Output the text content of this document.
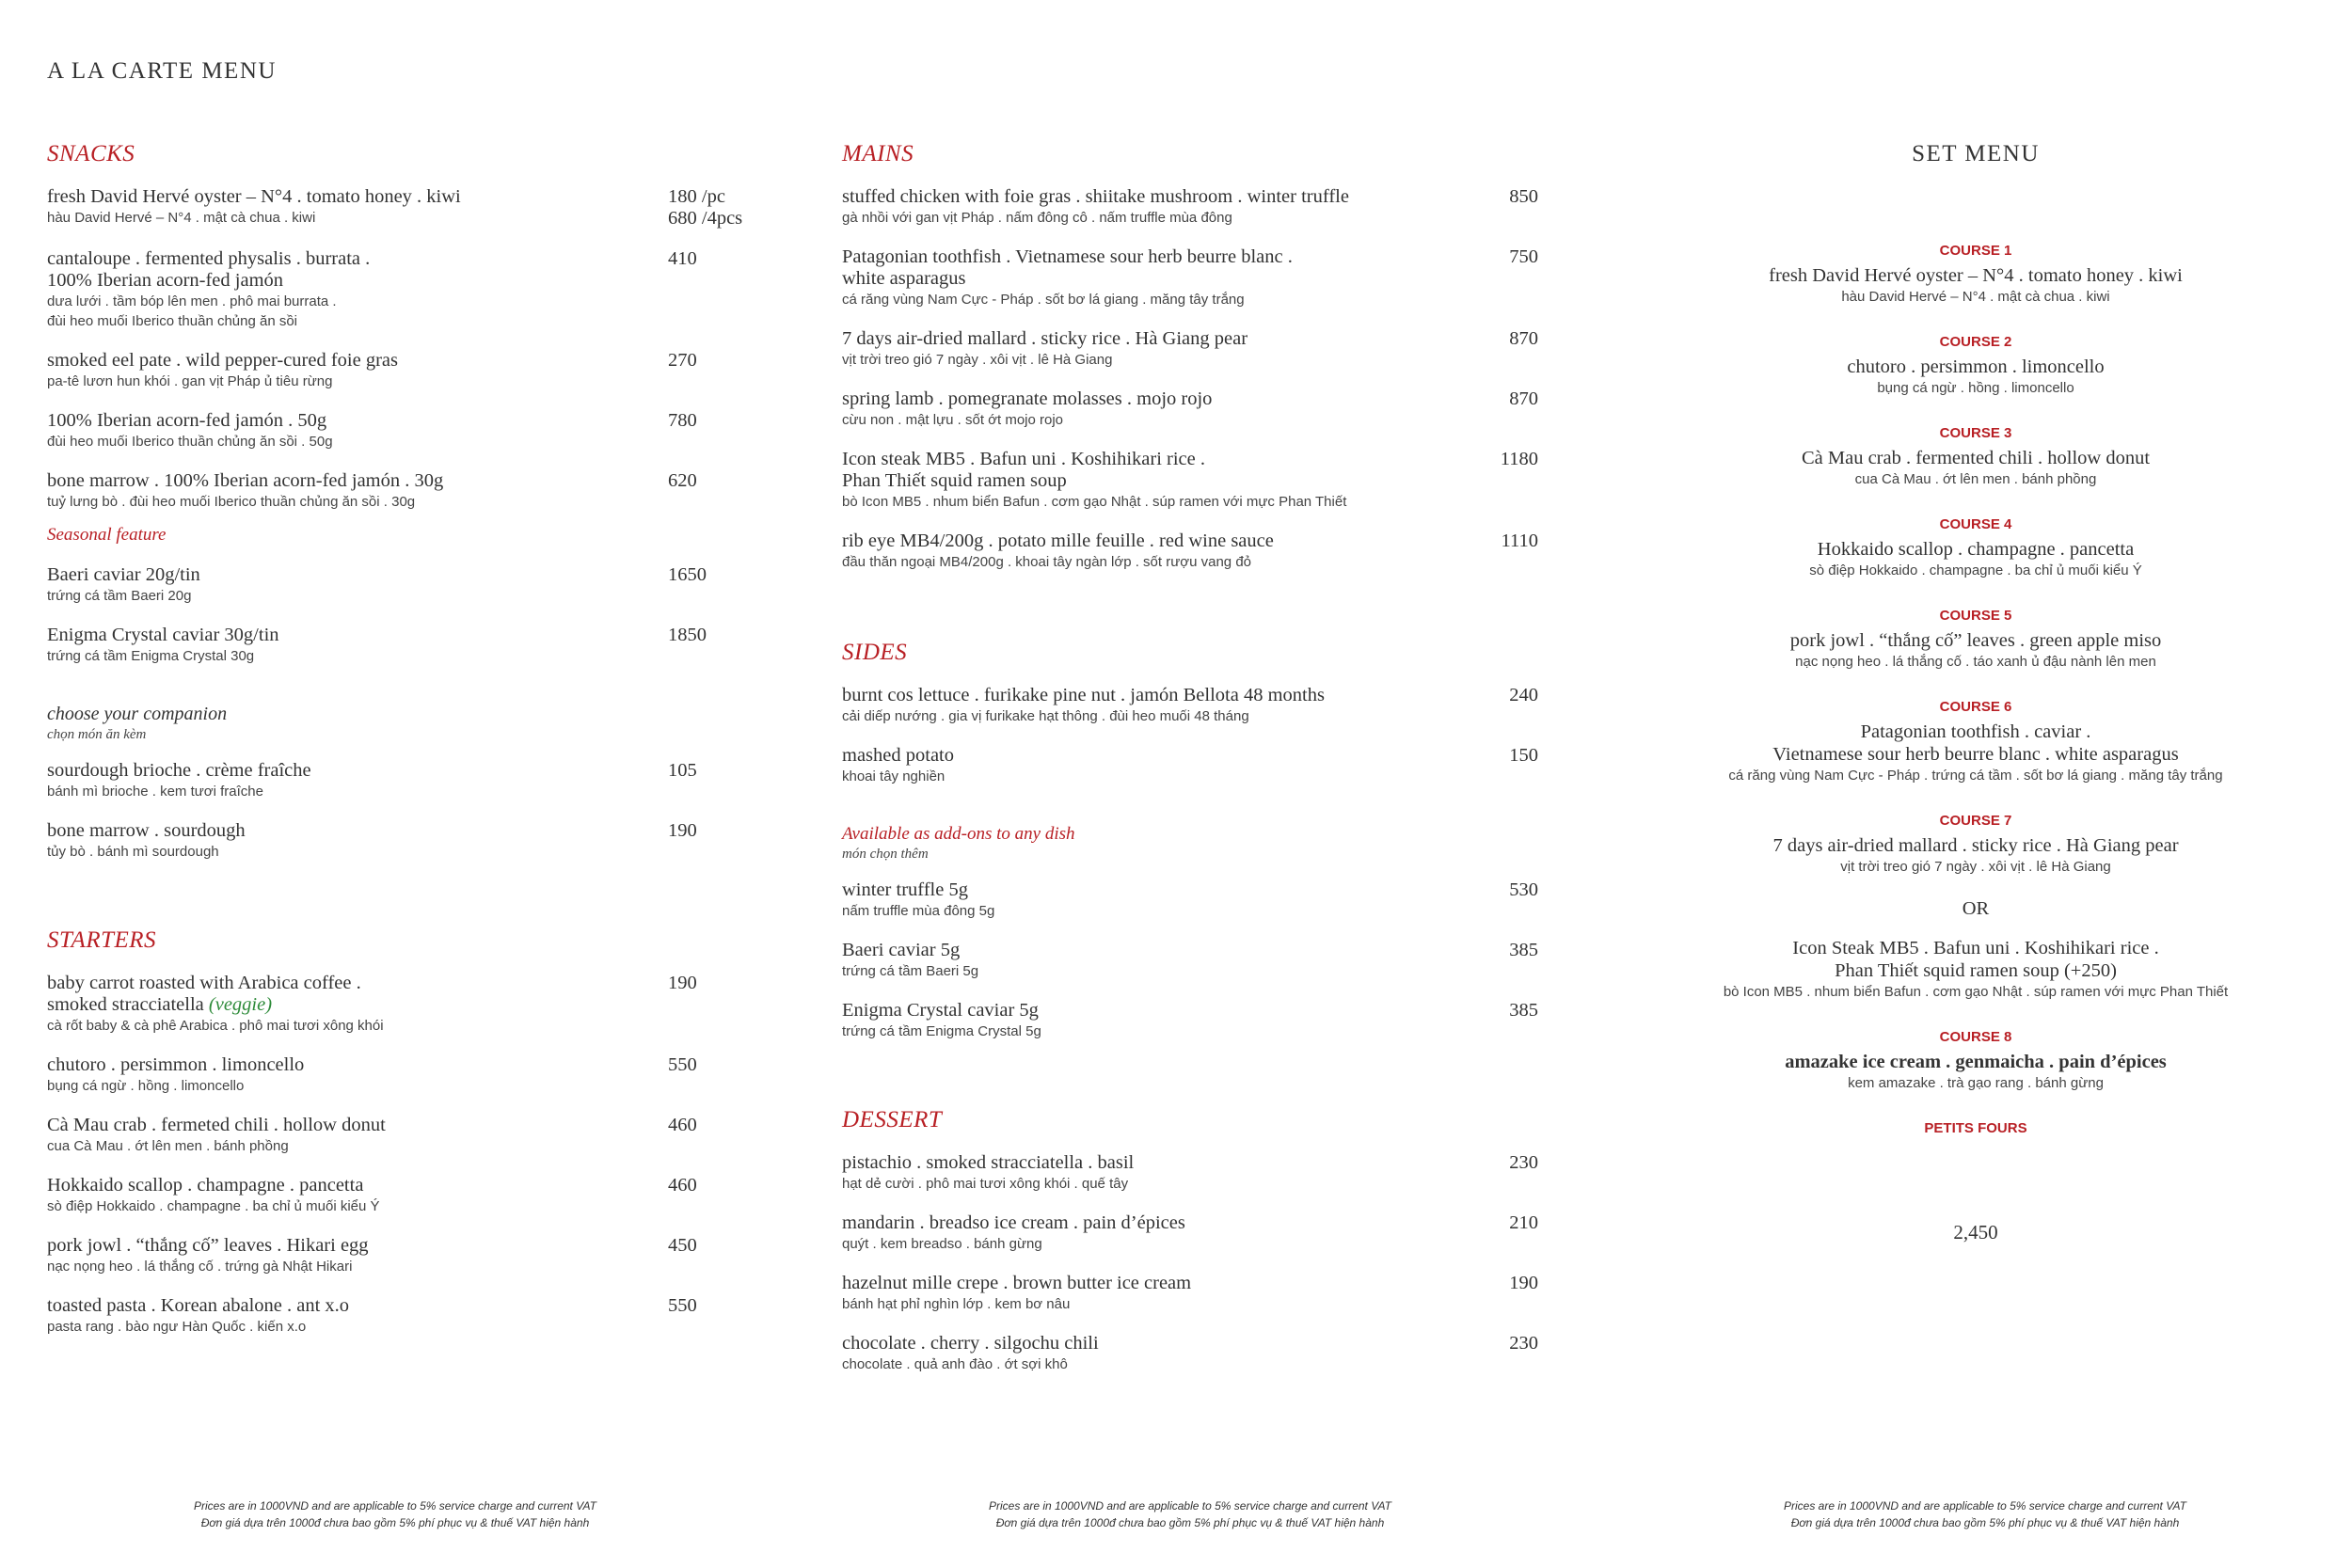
A LA CARTE MENU
SNACKS
fresh David Hervé oyster – N°4 . tomato honey . kiwi
hàu David Hervé – N°4 . mật cà chua . kiwi
180 /pc
680 /4pcs
cantaloupe . fermented physalis . burrata .
100% Iberian acorn-fed jamón
dưa lưới . tầm bóp lên men . phô mai burrata .
đùi heo muối Iberico thuần chủng ăn sồi
410
smoked eel pate . wild pepper-cured foie gras
pa-tê lươn hun khói . gan vịt Pháp ủ tiêu rừng
270
100% Iberian acorn-fed jamón . 50g
đùi heo muối Iberico thuần chủng ăn sồi . 50g
780
bone marrow . 100% Iberian acorn-fed jamón . 30g
tuỷ lưng bò . đùi heo muối Iberico thuần chủng ăn sồi . 30g
620
Seasonal feature
Baeri caviar 20g/tin
trứng cá tầm Baeri 20g
1650
Enigma Crystal caviar 30g/tin
trứng cá tầm Enigma Crystal 30g
1850
choose your companion
chọn món ăn kèm
sourdough brioche . crème fraîche
bánh mì brioche . kem tươi fraîche
105
bone marrow . sourdough
tủy bò . bánh mì sourdough
190
STARTERS
baby carrot roasted with Arabica coffee .
smoked stracciatella (veggie)
cà rốt baby & cà phê Arabica . phô mai tươi xông khói
190
chutoro . persimmon . limoncello
bụng cá ngừ . hồng . limoncello
550
Cà Mau crab . fermeted chili . hollow donut
cua Cà Mau . ớt lên men . bánh phồng
460
Hokkaido scallop . champagne . pancetta
sò điệp Hokkaido . champagne . ba chỉ ủ muối kiểu Ý
460
pork jowl . “thắng cố” leaves . Hikari egg
nạc nọng heo . lá thắng cố . trứng gà Nhật Hikari
450
toasted pasta . Korean abalone . ant x.o
pasta rang . bào ngư Hàn Quốc . kiến x.o
550
MAINS
stuffed chicken with foie gras . shiitake mushroom . winter truffle
gà nhồi với gan vịt Pháp . nấm đông cô . nấm truffle mùa đông
850
Patagonian toothfish . Vietnamese sour herb beurre blanc .
white asparagus
cá răng vùng Nam Cực - Pháp . sốt bơ lá giang . măng tây trắng
750
7 days air-dried mallard . sticky rice . Hà Giang pear
vịt trời treo gió 7 ngày . xôi vịt . lê Hà Giang
870
spring lamb . pomegranate molasses . mojo rojo
cừu non . mật lựu . sốt ớt mojo rojo
870
Icon steak MB5 . Bafun uni . Koshihikari rice .
Phan Thiết squid ramen soup
bò Icon MB5 . nhum biển Bafun . cơm gạo Nhật . súp ramen với mực Phan Thiết
1180
rib eye MB4/200g . potato mille feuille . red wine sauce
đầu thăn ngoại MB4/200g . khoai tây ngàn lớp . sốt rượu vang đỏ
1110
SIDES
burnt cos lettuce . furikake pine nut . jamón Bellota 48 months
cải diếp nướng . gia vị furikake hạt thông . đùi heo muối 48 tháng
240
mashed potato
khoai tây nghiền
150
Available as add-ons to any dish
món chọn thêm
winter truffle 5g
nấm truffle mùa đông 5g
530
Baeri caviar 5g
trứng cá tầm Baeri 5g
385
Enigma Crystal caviar 5g
trứng cá tầm Enigma Crystal 5g
385
DESSERT
pistachio . smoked stracciatella . basil
hạt dẻ cười . phô mai tươi xông khói . quế tây
230
mandarin . breadso ice cream . pain d’épices
quýt . kem breadso . bánh gừng
210
hazelnut mille crepe . brown butter ice cream
bánh hạt phỉ nghìn lớp . kem bơ nâu
190
chocolate . cherry . silgochu chili
chocolate . quả anh đào . ớt sợi khô
230
SET MENU
COURSE 1
fresh David Hervé oyster – N°4 . tomato honey . kiwi
hàu David Hervé – N°4 . mật cà chua . kiwi
COURSE 2
chutoro . persimmon . limoncello
bụng cá ngừ . hồng . limoncello
COURSE 3
Cà Mau crab . fermented chili . hollow donut
cua Cà Mau . ớt lên men . bánh phồng
COURSE 4
Hokkaido scallop . champagne . pancetta
sò điệp Hokkaido . champagne . ba chỉ ủ muối kiểu Ý
COURSE 5
pork jowl . “thắng cố” leaves . green apple miso
nạc nọng heo . lá thắng cố . táo xanh ủ đậu nành lên men
COURSE 6
Patagonian toothfish . caviar .
Vietnamese sour herb beurre blanc . white asparagus
cá răng vùng Nam Cực - Pháp . trứng cá tầm . sốt bơ lá giang . măng tây trắng
COURSE 7
7 days air-dried mallard . sticky rice . Hà Giang pear
vịt trời treo gió 7 ngày . xôi vịt . lê Hà Giang
OR
Icon Steak MB5 . Bafun uni . Koshihikari rice .
Phan Thiết squid ramen soup (+250)
bò Icon MB5 . nhum biển Bafun . cơm gạo Nhật . súp ramen với mực Phan Thiết
COURSE 8
amazake ice cream . genmaicha . pain d’épices
kem amazake . trà gạo rang . bánh gừng
PETITS FOURS
2,450
Prices are in 1000VND and are applicable to 5% service charge and current VAT
Đơn giá dựa trên 1000đ chưa bao gồm 5% phí phục vụ & thuế VAT hiện hành
Prices are in 1000VND and are applicable to 5% service charge and current VAT
Đơn giá dựa trên 1000đ chưa bao gồm 5% phí phục vụ & thuế VAT hiện hành
Prices are in 1000VND and are applicable to 5% service charge and current VAT
Đơn giá dựa trên 1000đ chưa bao gồm 5% phí phục vụ & thuế VAT hiện hành
